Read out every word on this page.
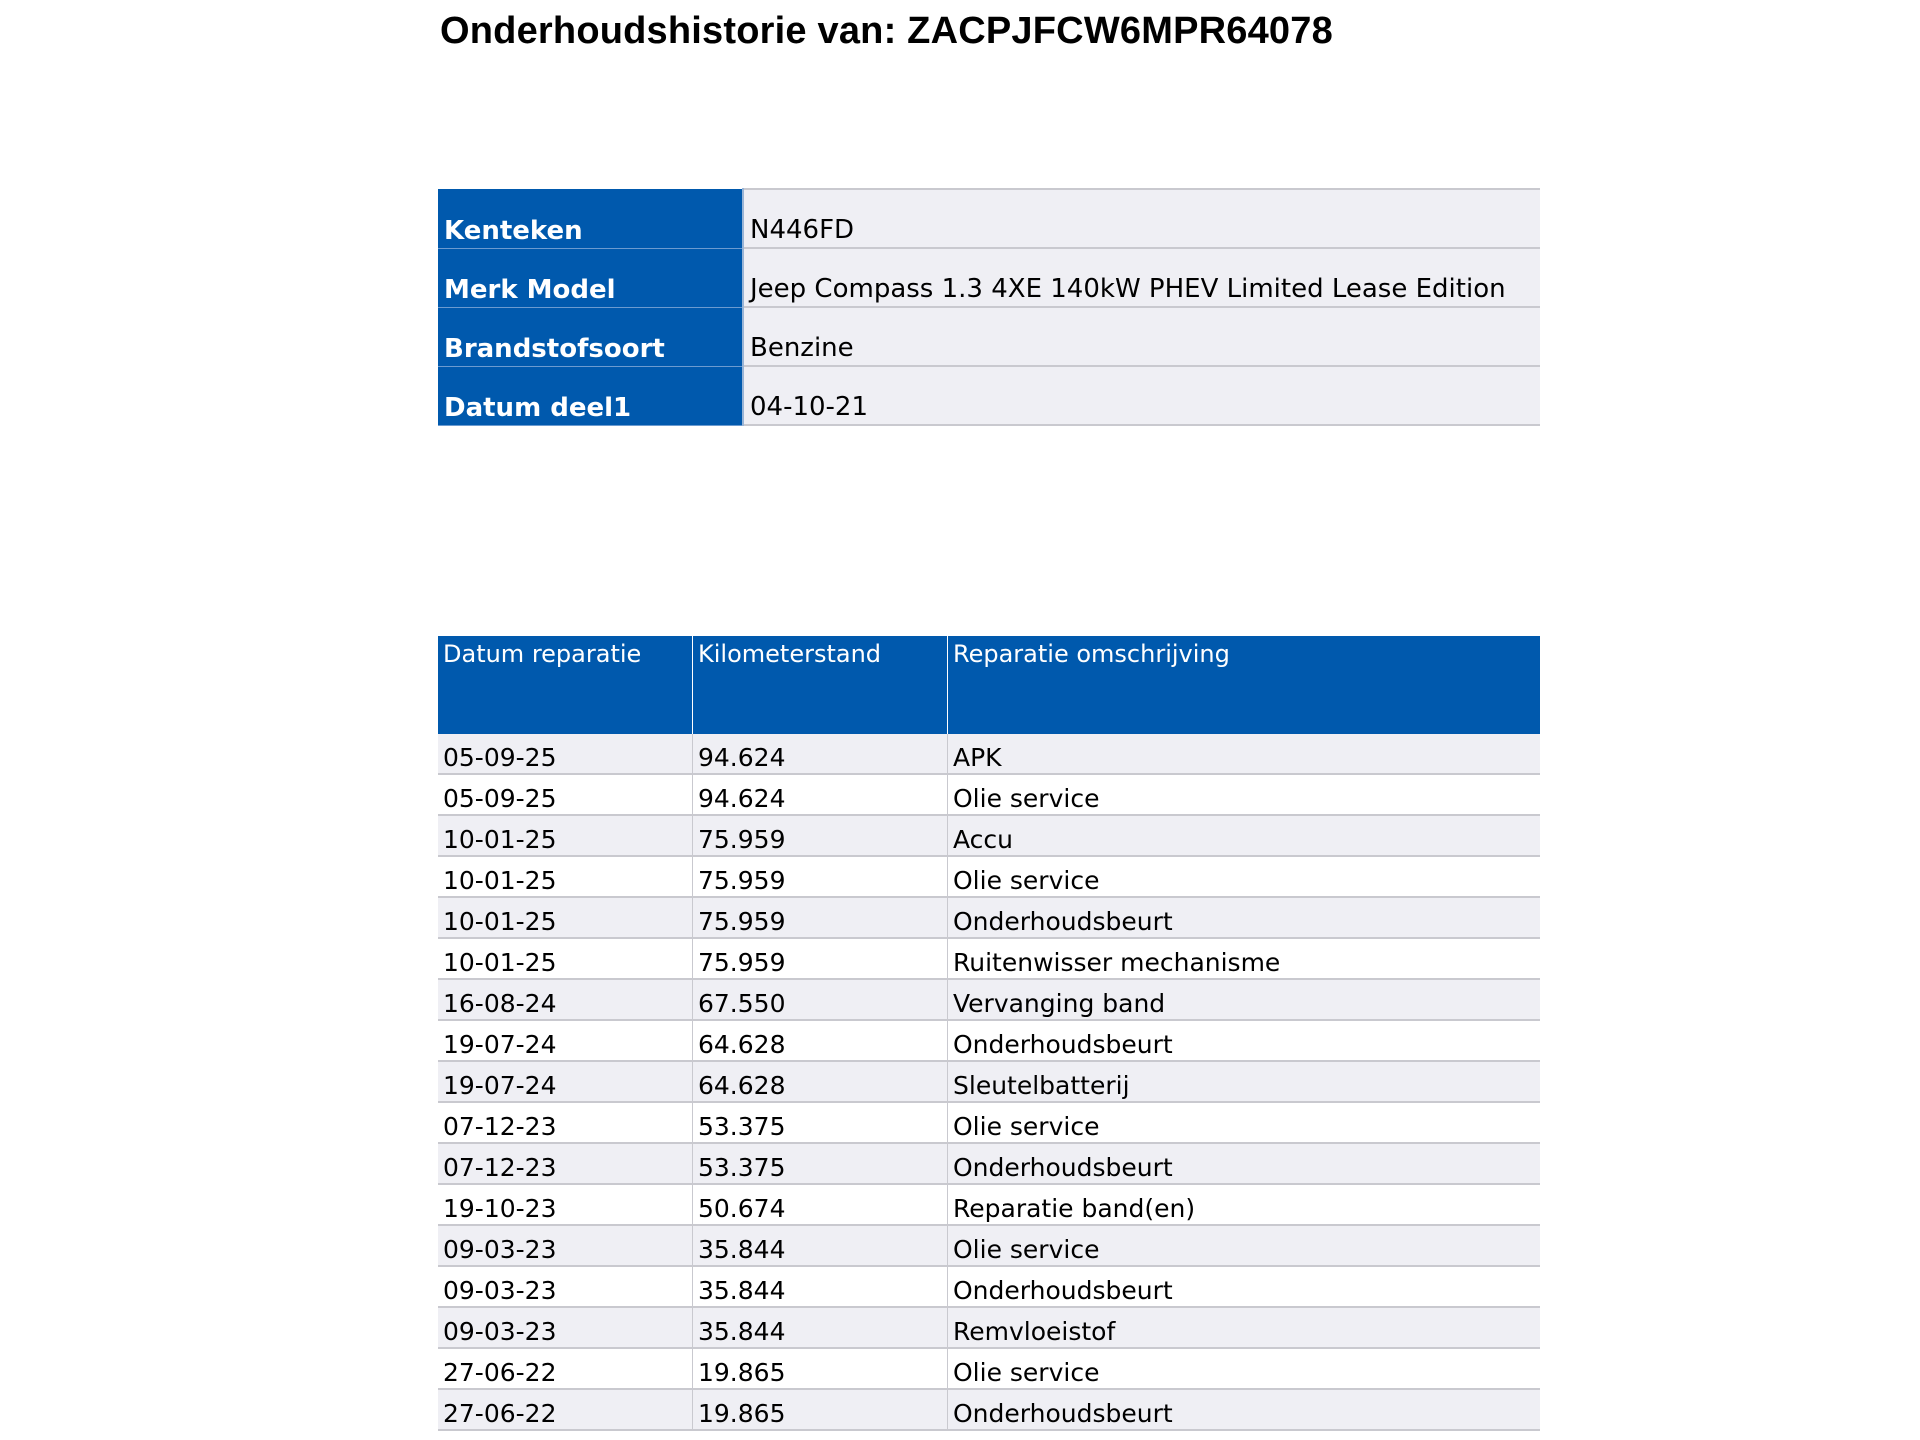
Onderhoudshistorie van: ZACPJFCW6MPR64078
Kenteken	N446FD
Merk Model	Jeep Compass 1.3 4XE 140kW PHEV Limited Lease Edition
Brandstofsoort	Benzine
Datum deel1	04-10-21
Datum reparatie	Kilometerstand	Reparatie omschrijving
05-09-25	94.624	APK
05-09-25	94.624	Olie service
10-01-25	75.959	Accu
10-01-25	75.959	Olie service
10-01-25	75.959	Onderhoudsbeurt
10-01-25	75.959	Ruitenwisser mechanisme
16-08-24	67.550	Vervanging band
19-07-24	64.628	Onderhoudsbeurt
19-07-24	64.628	Sleutelbatterij
07-12-23	53.375	Olie service
07-12-23	53.375	Onderhoudsbeurt
19-10-23	50.674	Reparatie band(en)
09-03-23	35.844	Olie service
09-03-23	35.844	Onderhoudsbeurt
09-03-23	35.844	Remvloeistof
27-06-22	19.865	Olie service
27-06-22	19.865	Onderhoudsbeurt
